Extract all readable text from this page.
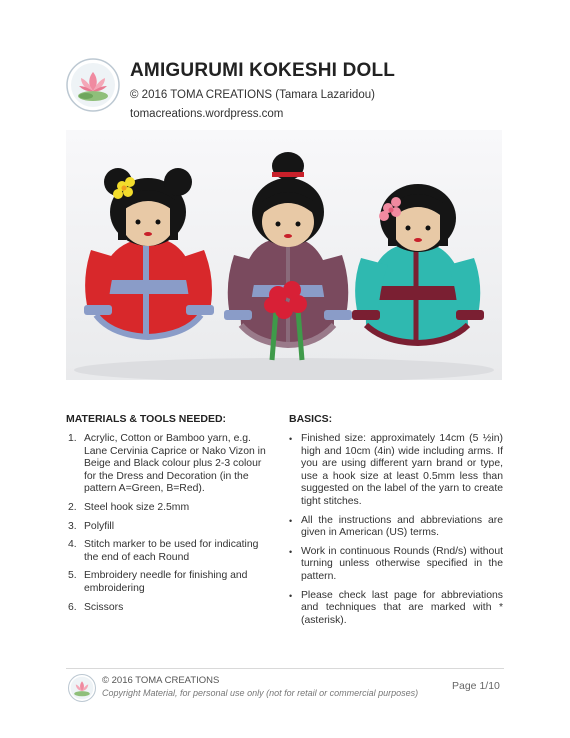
AMIGURUMI KOKESHI DOLL
© 2016 TOMA CREATIONS (Tamara Lazaridou)
tomacreations.wordpress.com
MATERIALS & TOOLS NEEDED:
1. Acrylic, Cotton or Bamboo yarn, e.g. Lane Cervinia Caprice or Nako Vizon in Beige and Black colour plus 2-3 colour for the Dress and Decoration (in the pattern A=Green, B=Red).
2. Steel hook size 2.5mm
3. Polyfill
4. Stitch marker to be used for indicating the end of each Round
5. Embroidery needle for finishing and embroidering
6. Scissors
BASICS:
• Finished size: approximately 14cm (5 ½in) high and 10cm (4in) wide including arms. If you are using different yarn brand or type, use a hook size at least 0.5mm less than suggested on the label of the yarn to create tight stitches.
• All the instructions and abbreviations are given in American (US) terms.
• Work in continuous Rounds (Rnd/s) without turning unless otherwise specified in the pattern.
• Please check last page for abbreviations and techniques that are marked with *(asterisk).
© 2016 TOMA CREATIONS
Copyright Material, for personal use only (not for retail or commercial purposes)
Page 1/10
